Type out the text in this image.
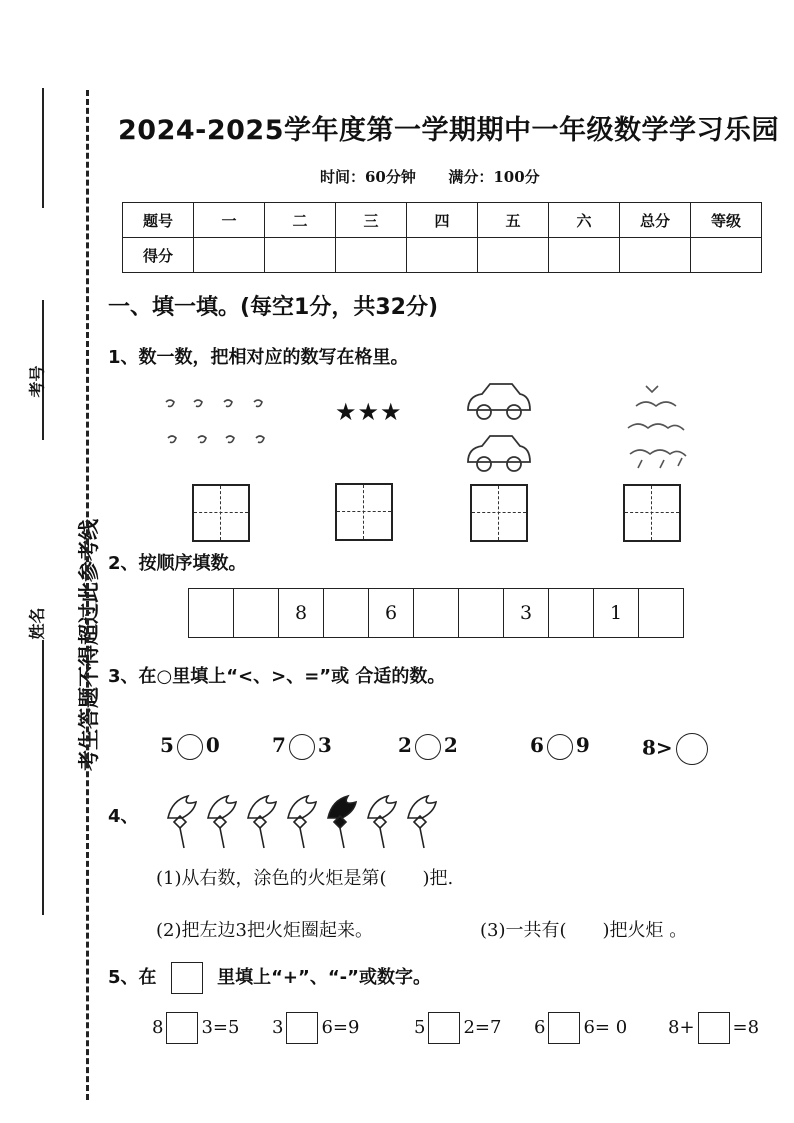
考号
姓名 考生答题不得超过此参考线
2024-2025学年度第一学期期中一年级数学学习乐园
时间：60分钟 满分：100分
题号	一	二	三	四	五	六	总分	等级
得分								
一、填一填。(每空1分，共32分)
1、数一数，把相对应的数写在格里。
★★★
2、按顺序填数。
		8		6			3		1	
3、在○里填上“<、>、=”或 合适的数。
5 0	7 3	2 2	6 9	8>
4、
(1)从右数，涂色的火炬是第(　　)把.
(2)把左边3把火炬圈起来。	(3)一共有(　　)把火炬 。
5、在	里填上“+”、“-”或数字。
8 3=5 3 6=9	5 2=7 6 6= 0 8+ =8
